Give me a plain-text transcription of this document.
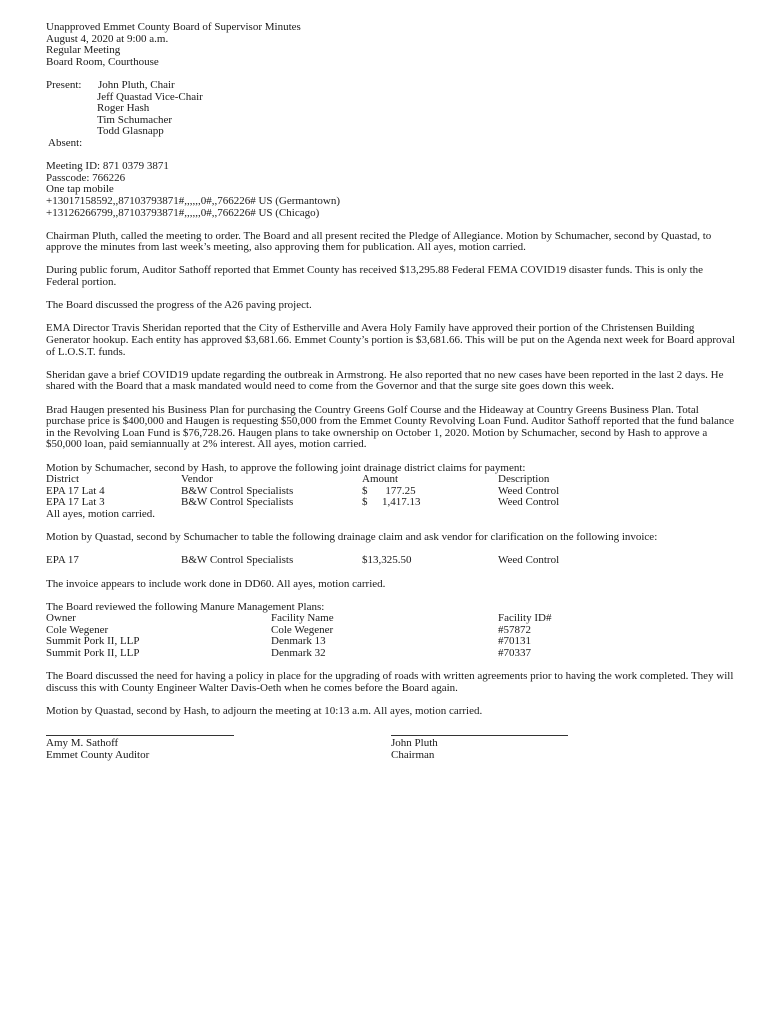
Unapproved Emmet County Board of Supervisor Minutes
August 4, 2020 at 9:00 a.m.
Regular Meeting
Board Room, Courthouse
Present:	John Pluth, Chair
Jeff Quastad Vice-Chair
Roger Hash
Tim Schumacher
Todd Glasnapp
Absent:
Meeting ID: 871 0379 3871
Passcode: 766226
One tap mobile
+13017158592,,87103793871#,,,,,,0#,,766226# US (Germantown)
+13126266799,,87103793871#,,,,,,0#,,766226# US (Chicago)
Chairman Pluth, called the meeting to order. The Board and all present recited the Pledge of Allegiance. Motion by Schumacher, second by Quastad, to approve the minutes from last week’s meeting, also approving them for publication. All ayes, motion carried.
During public forum, Auditor Sathoff reported that Emmet County has received $13,295.88 Federal FEMA COVID19 disaster funds. This is only the Federal portion.
The Board discussed the progress of the A26 paving project.
EMA Director Travis Sheridan reported that the City of Estherville and Avera Holy Family have approved their portion of the Christensen Building Generator hookup. Each entity has approved $3,681.66. Emmet County’s portion is $3,681.66. This will be put on the Agenda next week for Board approval of L.O.S.T. funds.
Sheridan gave a brief COVID19 update regarding the outbreak in Armstrong. He also reported that no new cases have been reported in the last 2 days. He shared with the Board that a mask mandated would need to come from the Governor and that the surge site goes down this week.
Brad Haugen presented his Business Plan for purchasing the Country Greens Golf Course and the Hideaway at Country Greens Business Plan. Total purchase price is $400,000 and Haugen is requesting $50,000 from the Emmet County Revolving Loan Fund. Auditor Sathoff reported that the fund balance in the Revolving Loan Fund is $76,728.26. Haugen plans to take ownership on October 1, 2020. Motion by Schumacher, second by Hash to approve a $50,000 loan, paid semiannually at 2% interest. All ayes, motion carried.
Motion by Schumacher, second by Hash, to approve the following joint drainage district claims for payment:
District	Vendor	Amount	Description
EPA 17 Lat 4	B&W Control Specialists	$	177.25	Weed Control
EPA 17 Lat 3	B&W Control Specialists	$	1,417.13	Weed Control
All ayes, motion carried.
Motion by Quastad, second by Schumacher to table the following drainage claim and ask vendor for clarification on the following invoice:
EPA 17	B&W Control Specialists	$13,325.50	Weed Control
The invoice appears to include work done in DD60. All ayes, motion carried.
The Board reviewed the following Manure Management Plans:
Owner	Facility Name	Facility ID#
Cole Wegener	Cole Wegener	#57872
Summit Pork II, LLP	Denmark 13	#70131
Summit Pork II, LLP	Denmark 32	#70337
The Board discussed the need for having a policy in place for the upgrading of roads with written agreements prior to having the work completed. They will discuss this with County Engineer Walter Davis-Oeth when he comes before the Board again.
Motion by Quastad, second by Hash, to adjourn the meeting at 10:13 a.m. All ayes, motion carried.
Amy M. Sathoff
Emmet County Auditor
John Pluth
Chairman
